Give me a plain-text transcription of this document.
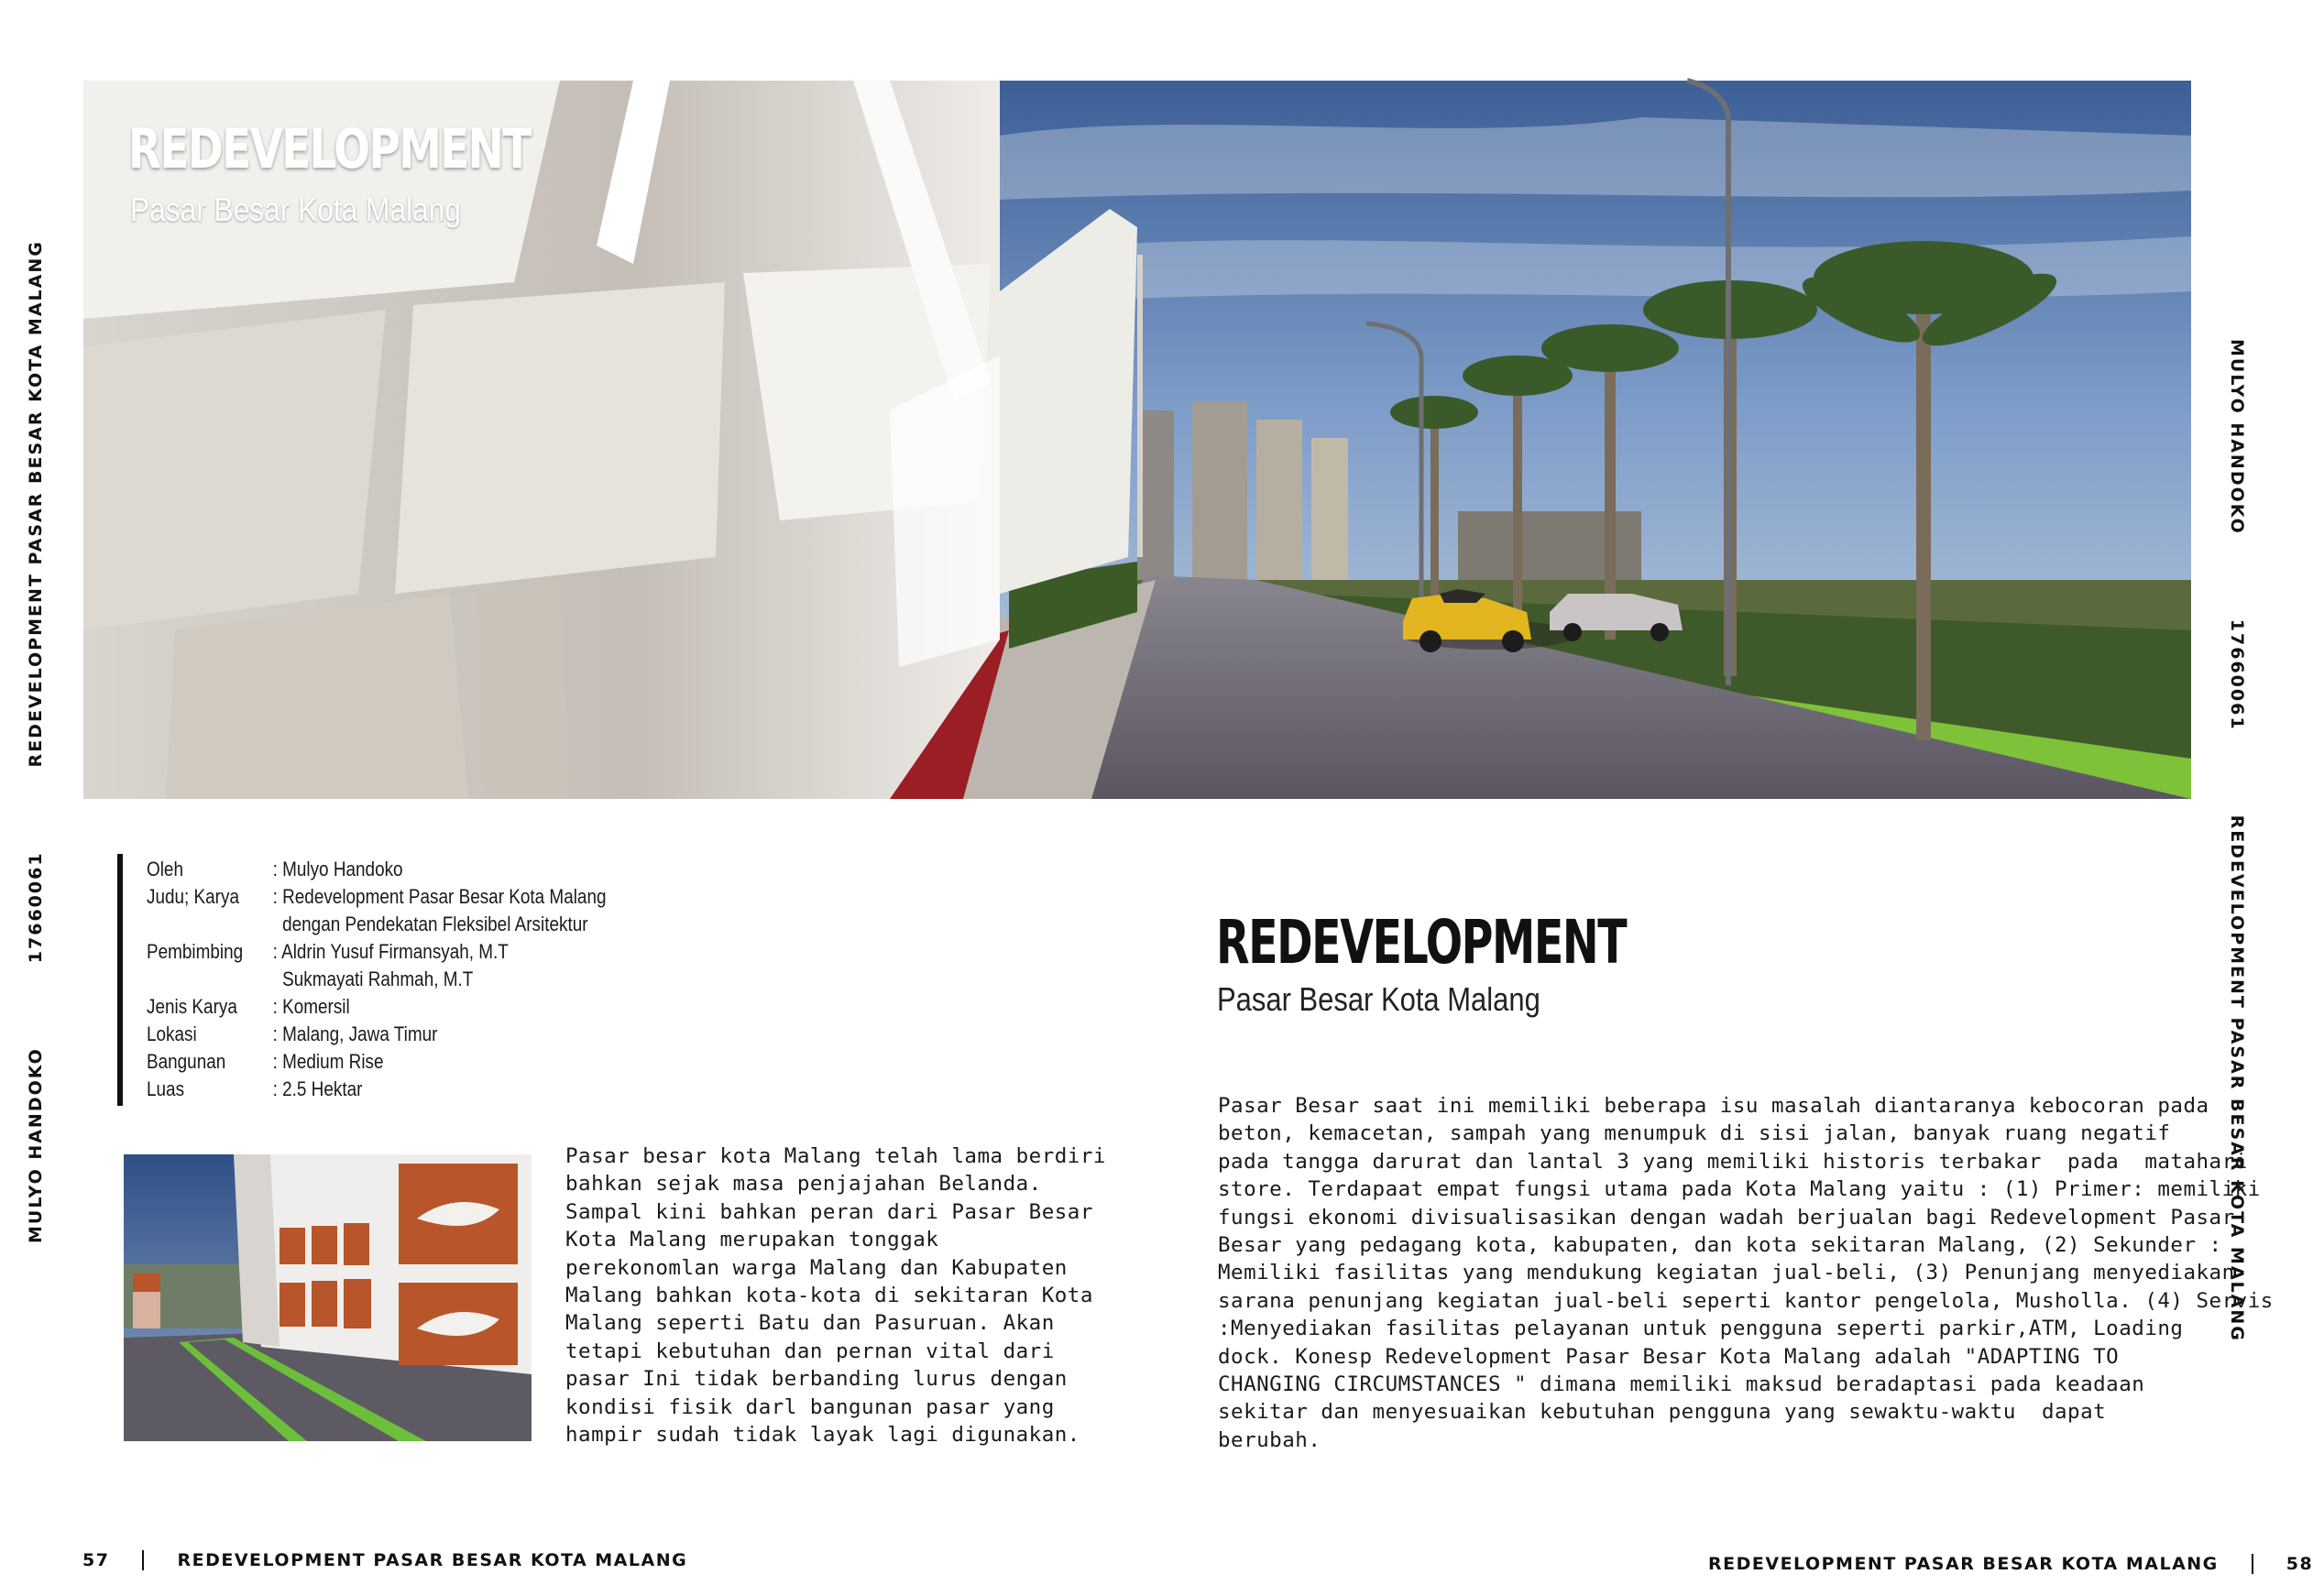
REDEVELOPMENT
Pasar Besar Kota Malang
MULYO HANDOKO
17660061
REDEVELOPMENT PASAR BESAR KOTA MALANG	MULYO HANDOKO
17660061
REDEVELOPMENT PASAR BESAR KOTA MALANG
Oleh	: Mulyo Handoko
Judu; Karya	: Redevelopment Pasar Besar Kota Malang
dengan Pendekatan Fleksibel Arsitektur
Pembimbing	: Aldrin Yusuf Firmansyah, M.T
Sukmayati Rahmah, M.T
Jenis Karya	: Komersil
Lokasi	: Malang, Jawa Timur
Bangunan	: Medium Rise
Luas	: 2.5 Hektar
Pasar besar kota Malang telah lama berdiri
bahkan sejak masa penjajahan Belanda.
Sampal kini bahkan peran dari Pasar Besar
Kota Malang merupakan tonggak
perekonomlan warga Malang dan Kabupaten
Malang bahkan kota-kota di sekitaran Kota
Malang seperti Batu dan Pasuruan. Akan
tetapi kebutuhan dan pernan vital dari
pasar Ini tidak berbanding lurus dengan
kondisi fisik darl bangunan pasar yang
hampir sudah tidak layak lagi digunakan.
REDEVELOPMENT
Pasar Besar Kota Malang
Pasar Besar saat ini memiliki beberapa isu masalah diantaranya kebocoran pada
beton, kemacetan, sampah yang menumpuk di sisi jalan, banyak ruang negatif
pada tangga darurat dan lantal 3 yang memiliki historis terbakar  pada  matahari
store. Terdapaat empat fungsi utama pada Kota Malang yaitu : (1) Primer: memiliki
fungsi ekonomi divisualisasikan dengan wadah berjualan bagi Redevelopment Pasar
Besar yang pedagang kota, kabupaten, dan kota sekitaran Malang, (2) Sekunder :
Memiliki fasilitas yang mendukung kegiatan jual-beli, (3) Penunjang menyediakan
sarana penunjang kegiatan jual-beli seperti kantor pengelola, Musholla. (4) Servis
:Menyediakan fasilitas pelayanan untuk pengguna seperti parkir,ATM, Loading
dock. Konesp Redevelopment Pasar Besar Kota Malang adalah "ADAPTING TO
CHANGING CIRCUMSTANCES " dimana memiliki maksud beradaptasi pada keadaan
sekitar dan menyesuaikan kebutuhan pengguna yang sewaktu-waktu  dapat
berubah.
57	REDEVELOPMENT PASAR BESAR KOTA MALANG	REDEVELOPMENT PASAR BESAR KOTA MALANG	58
